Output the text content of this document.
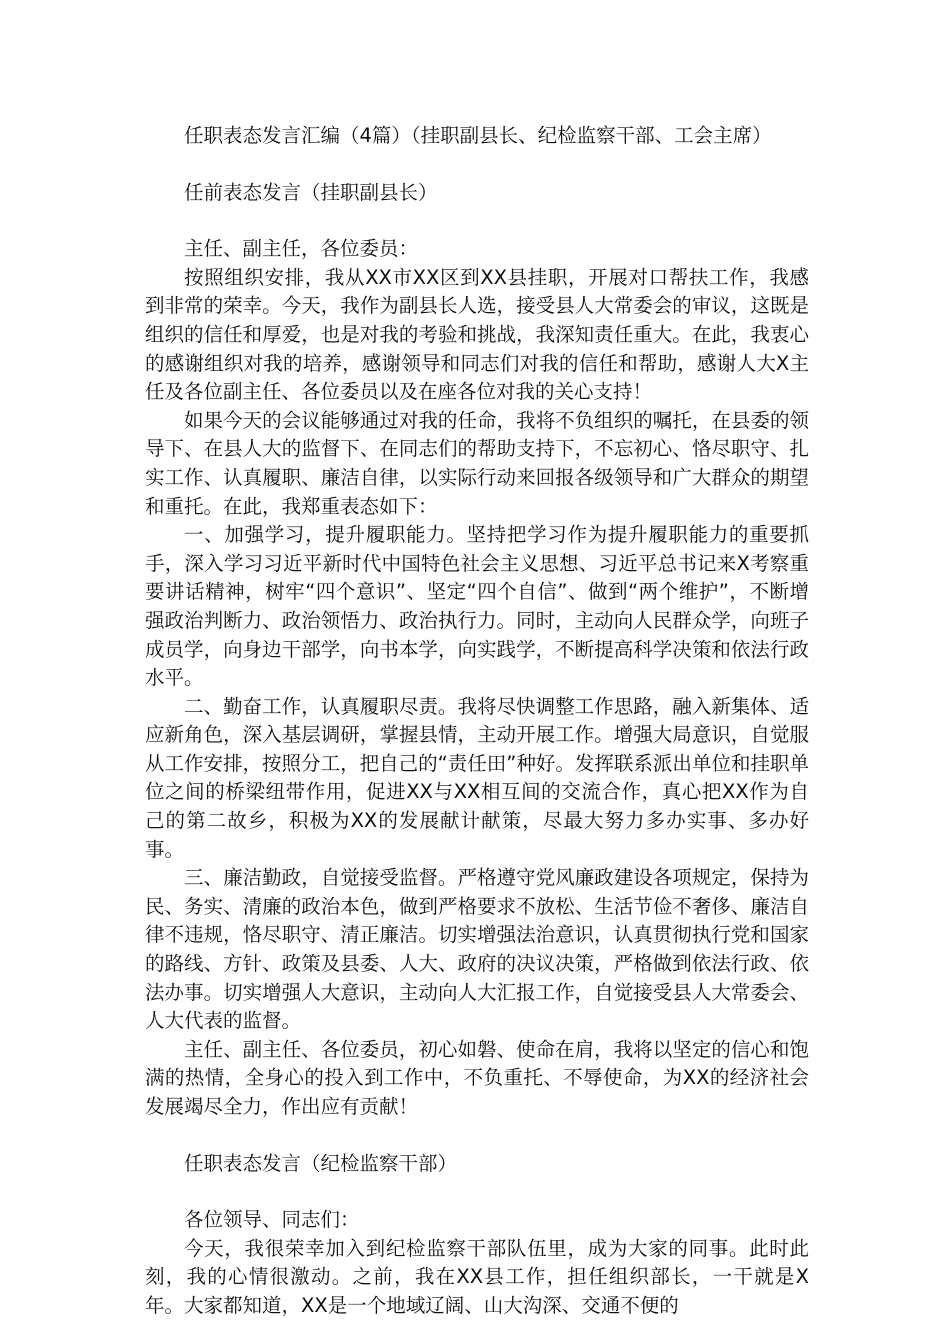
任职表态发言汇编（4篇）（挂职副县长、纪检监察干部、工会主席）

任前表态发言（挂职副县长）

主任、副主任，各位委员：

按照组织安排，我从XX市XX区到XX县挂职，开展对口帮扶工作，我感到非常的荣幸。今天，我作为副县长人选，接受县人大常委会的审议，这既是组织的信任和厚爱，也是对我的考验和挑战，我深知责任重大。在此，我衷心的感谢组织对我的培养，感谢领导和同志们对我的信任和帮助，感谢人大X主任及各位副主任、各位委员以及在座各位对我的关心支持！

如果今天的会议能够通过对我的任命，我将不负组织的嘱托，在县委的领导下、在县人大的监督下、在同志们的帮助支持下，不忘初心、恪尽职守、扎实工作、认真履职、廉洁自律，以实际行动来回报各级领导和广大群众的期望和重托。在此，我郑重表态如下：

一、加强学习，提升履职能力。坚持把学习作为提升履职能力的重要抓手，深入学习习近平新时代中国特色社会主义思想、习近平总书记来X考察重要讲话精神，树牢“四个意识”、坚定“四个自信”、做到“两个维护”，不断增强政治判断力、政治领悟力、政治执行力。同时，主动向人民群众学，向班子成员学，向身边干部学，向书本学，向实践学，不断提高科学决策和依法行政水平。

二、勤奋工作，认真履职尽责。我将尽快调整工作思路，融入新集体、适应新角色，深入基层调研，掌握县情，主动开展工作。增强大局意识，自觉服从工作安排，按照分工，把自己的“责任田”种好。发挥联系派出单位和挂职单位之间的桥梁纽带作用，促进XX与XX相互间的交流合作，真心把XX作为自己的第二故乡，积极为XX的发展献计献策，尽最大努力多办实事、多办好事。

三、廉洁勤政，自觉接受监督。严格遵守党风廉政建设各项规定，保持为民、务实、清廉的政治本色，做到严格要求不放松、生活节俭不奢侈、廉洁自律不违规，恪尽职守、清正廉洁。切实增强法治意识，认真贯彻执行党和国家的路线、方针、政策及县委、人大、政府的决议决策，严格做到依法行政、依法办事。切实增强人大意识，主动向人大汇报工作，自觉接受县人大常委会、人大代表的监督。

主任、副主任、各位委员，初心如磐、使命在肩，我将以坚定的信心和饱满的热情，全身心的投入到工作中，不负重托、不辱使命，为XX的经济社会发展竭尽全力，作出应有贡献！

任职表态发言（纪检监察干部）

各位领导、同志们：

今天，我很荣幸加入到纪检监察干部队伍里，成为大家的同事。此时此刻，我的心情很激动。之前，我在XX县工作，担任组织部长，一干就是X年。大家都知道，XX是一个地域辽阔、山大沟深、交通不便的
